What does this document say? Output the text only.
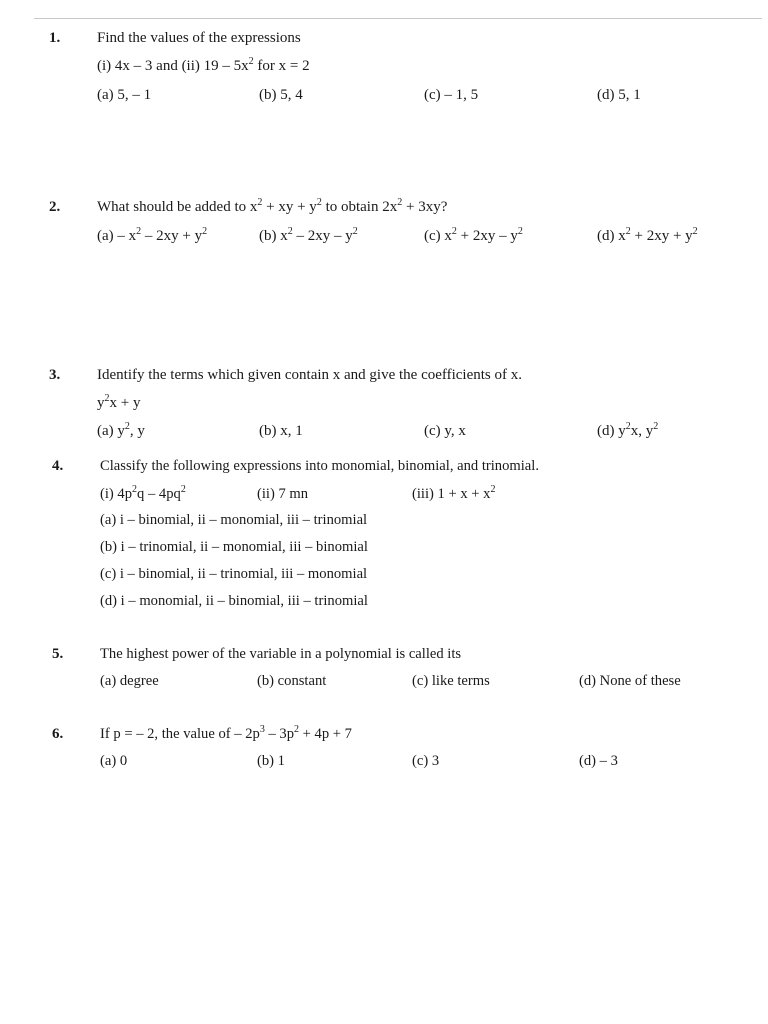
1. Find the values of the expressions
(i) 4x – 3 and (ii) $19 - 5x^2$ for x = 2
(a) 5, – 1	(b) 5, 4	(c) – 1, 5	(d) 5, 1
2. What should be added to $x^2$ + xy + $y^2$ to obtain $2x^2 + 3xy$?
$(a) - x^2 - 2xy + y^2$	(b) $x^2 - 2xy - y^2$	(c) $x^2 + 2xy - y^2$	(d) $x^2 + 2xy + y^2$
3. Identify the terms which given contain x and give the coefficients of x.
$y^2x + y$
(a) $y^2$, y	(b) x, 1	(c) y, x	(d) $y^2x$, $y^2$
4.	Classify the following expressions into monomial, binomial, and trinomial.
(i) $4p^2q - 4pq^2$	(ii) 7 mn	(iii) $1 + x + x^2$
(a) i – binomial, ii – monomial, iii – trinomial
(b) i – trinomial, ii – monomial, iii – binomial
(c) i – binomial, ii – trinomial, iii – monomial
(d) i – monomial, ii – binomial, iii – trinomial
5.	The highest power of the variable in a polynomial is called its
(a) degree	(b) constant	(c) like terms	(d) None of these
6.	If p = – 2, the value of – $2p^3 - 3p^2 + 4p + 7$
(a) 0	(b) 1	(c) 3	(d) – 3
